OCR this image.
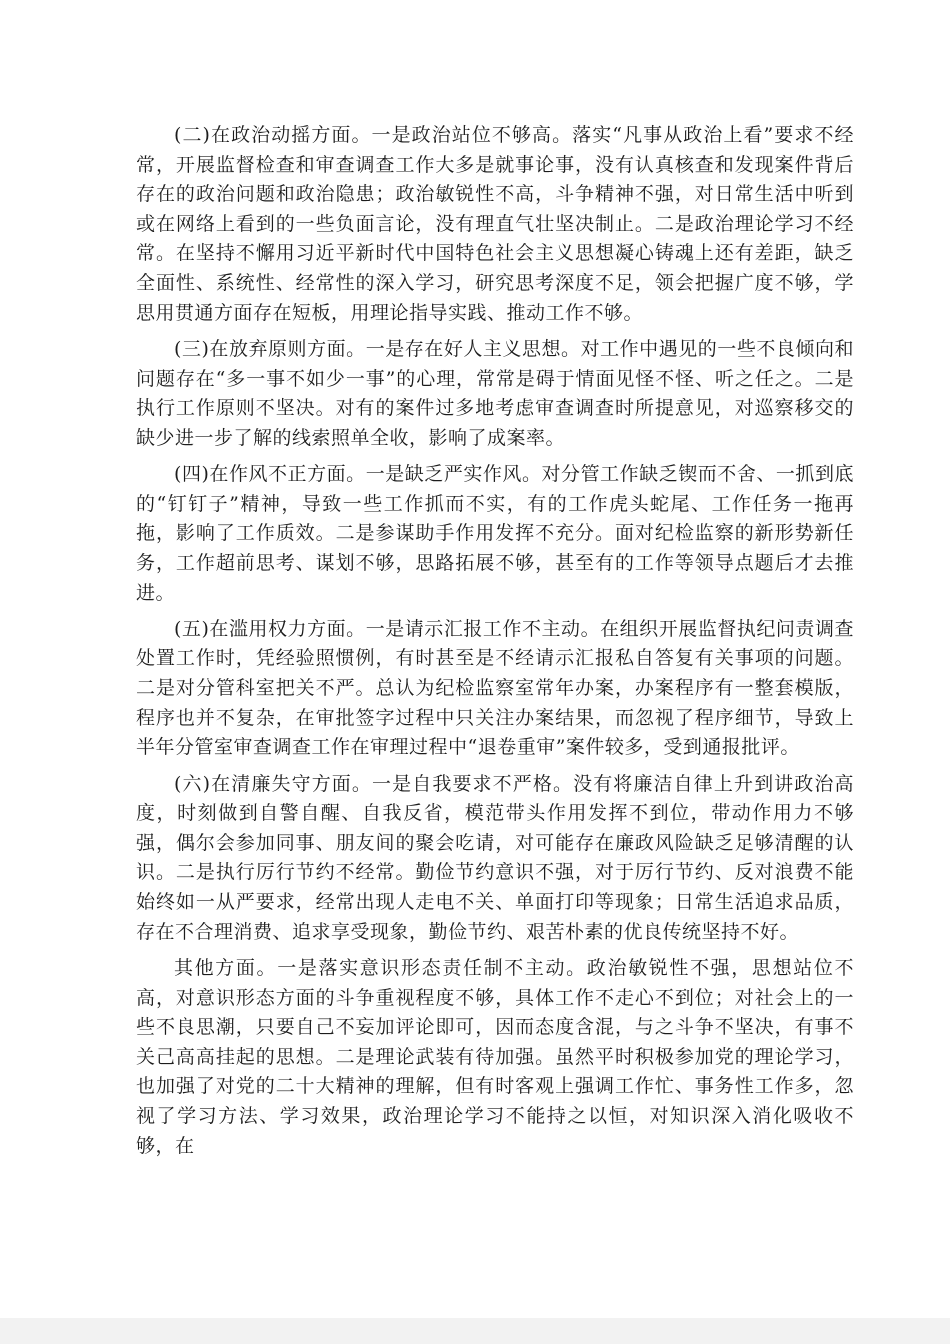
(二)在政治动摇方面。一是政治站位不够高。落实“凡事从政治上看”要求不经常，开展监督检查和审查调查工作大多是就事论事，没有认真核查和发现案件背后存在的政治问题和政治隐患；政治敏锐性不高，斗争精神不强，对日常生活中听到或在网络上看到的一些负面言论，没有理直气壮坚决制止。二是政治理论学习不经常。在坚持不懈用习近平新时代中国特色社会主义思想凝心铸魂上还有差距，缺乏全面性、系统性、经常性的深入学习，研究思考深度不足，领会把握广度不够，学思用贯通方面存在短板，用理论指导实践、推动工作不够。

(三)在放弃原则方面。一是存在好人主义思想。对工作中遇见的一些不良倾向和问题存在“多一事不如少一事”的心理，常常是碍于情面见怪不怪、听之任之。二是执行工作原则不坚决。对有的案件过多地考虑审查调查时所提意见，对巡察移交的缺少进一步了解的线索照单全收，影响了成案率。

(四)在作风不正方面。一是缺乏严实作风。对分管工作缺乏锲而不舍、一抓到底的“钉钉子”精神，导致一些工作抓而不实，有的工作虎头蛇尾、工作任务一拖再拖，影响了工作质效。二是参谋助手作用发挥不充分。面对纪检监察的新形势新任务，工作超前思考、谋划不够，思路拓展不够，甚至有的工作等领导点题后才去推进。

(五)在滥用权力方面。一是请示汇报工作不主动。在组织开展监督执纪问责调查处置工作时，凭经验照惯例，有时甚至是不经请示汇报私自答复有关事项的问题。二是对分管科室把关不严。总认为纪检监察室常年办案，办案程序有一整套模版，程序也并不复杂，在审批签字过程中只关注办案结果，而忽视了程序细节，导致上半年分管室审查调查工作在审理过程中“退卷重审”案件较多，受到通报批评。

(六)在清廉失守方面。一是自我要求不严格。没有将廉洁自律上升到讲政治高度，时刻做到自警自醒、自我反省，模范带头作用发挥不到位，带动作用力不够强，偶尔会参加同事、朋友间的聚会吃请，对可能存在廉政风险缺乏足够清醒的认识。二是执行厉行节约不经常。勤俭节约意识不强，对于厉行节约、反对浪费不能始终如一从严要求，经常出现人走电不关、单面打印等现象；日常生活追求品质，存在不合理消费、追求享受现象，勤俭节约、艰苦朴素的优良传统坚持不好。

其他方面。一是落实意识形态责任制不主动。政治敏锐性不强，思想站位不高，对意识形态方面的斗争重视程度不够，具体工作不走心不到位；对社会上的一些不良思潮，只要自己不妄加评论即可，因而态度含混，与之斗争不坚决，有事不关己高高挂起的思想。二是理论武装有待加强。虽然平时积极参加党的理论学习，也加强了对党的二十大精神的理解，但有时客观上强调工作忙、事务性工作多，忽视了学习方法、学习效果，政治理论学习不能持之以恒，对知识深入消化吸收不够，在
